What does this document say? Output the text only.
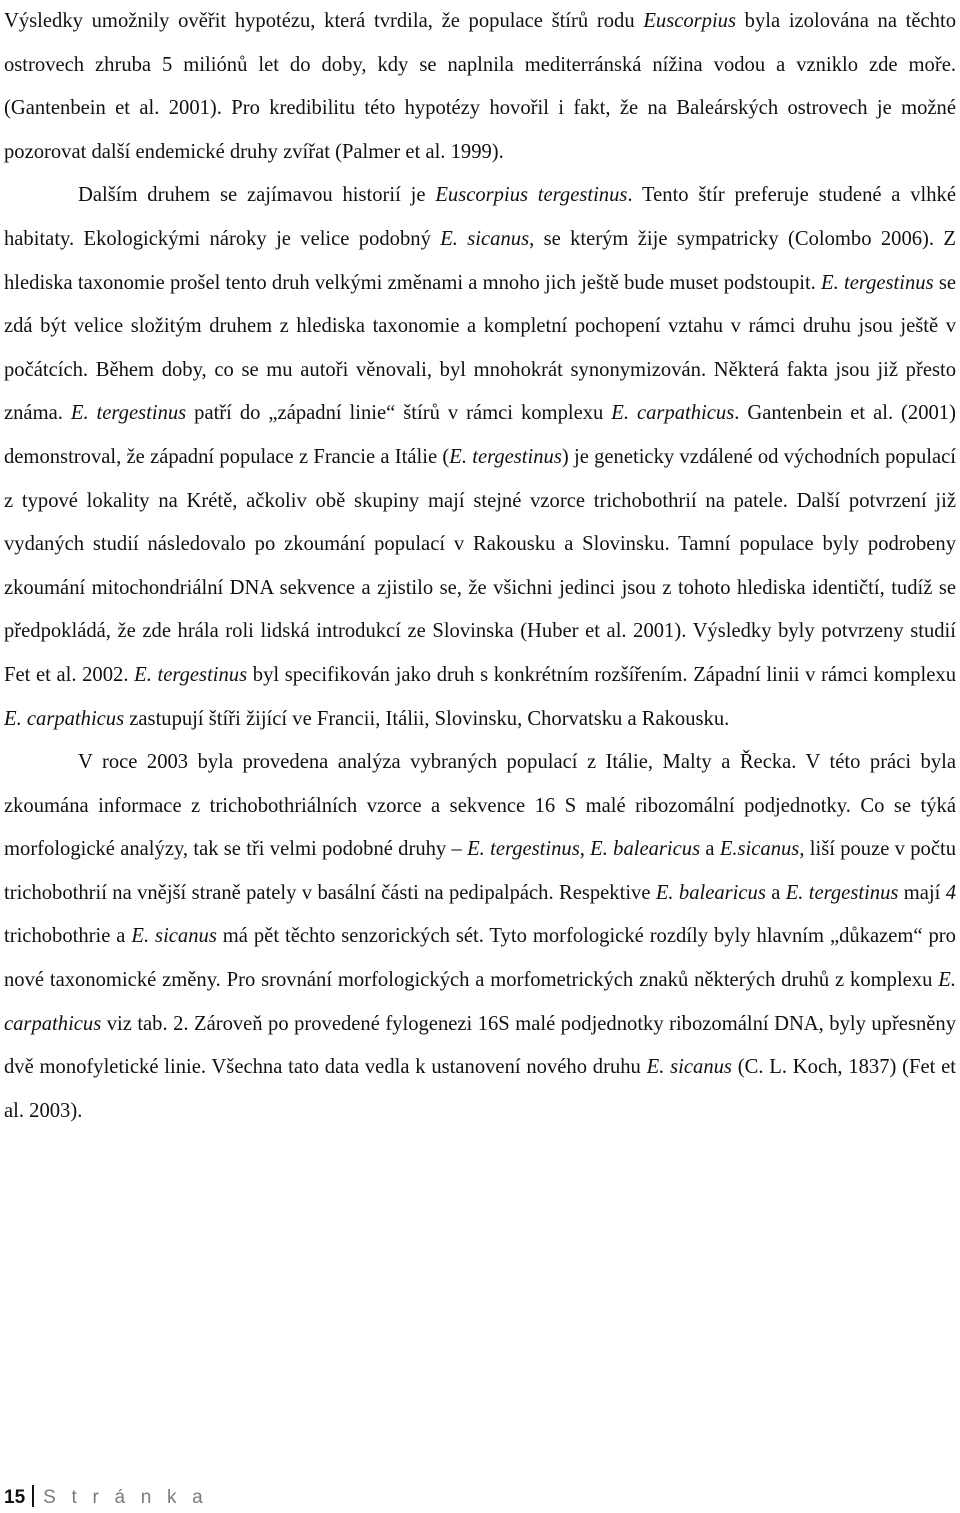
Výsledky umožnily ověřit hypotézu, která tvrdila, že populace štírů rodu Euscorpius byla izolována na těchto ostrovech zhruba 5 miliónů let do doby, kdy se naplnila mediterránská nížina vodou a vzniklo zde moře. (Gantenbein et al. 2001). Pro kredibilitu této hypotézy hovořil i fakt, že na Baleárských ostrovech je možné pozorovat další endemické druhy zvířat (Palmer et al. 1999).

Dalším druhem se zajímavou historií je Euscorpius tergestinus. Tento štír preferuje studené a vlhké habitaty. Ekologickými nároky je velice podobný E. sicanus, se kterým žije sympatricky (Colombo 2006). Z hlediska taxonomie prošel tento druh velkými změnami a mnoho jich ještě bude muset podstoupit. E. tergestinus se zdá být velice složitým druhem z hlediska taxonomie a kompletní pochopení vztahu v rámci druhu jsou ještě v počátcích. Během doby, co se mu autoři věnovali, byl mnohokrát synonymizován. Některá fakta jsou již přesto známa. E. tergestinus patří do „západní linie“ štírů v rámci komplexu E. carpathicus. Gantenbein et al. (2001) demonstroval, že západní populace z Francie a Itálie (E. tergestinus) je geneticky vzdálené od východních populací z typové lokality na Krétě, ačkoliv obě skupiny mají stejné vzorce trichobothrií na patele. Další potvrzení již vydaných studií následovalo po zkoumání populací v Rakousku a Slovinsku. Tamní populace byly podrobeny zkoumání mitochondriální DNA sekvence a zjistilo se, že všichni jedinci jsou z tohoto hlediska identičtí, tudíž se předpokládá, že zde hrála roli lidská introdukcí ze Slovinska (Huber et al. 2001). Výsledky byly potvrzeny studií Fet et al. 2002. E. tergestinus byl specifikován jako druh s konkrétním rozšířením. Západní linii v rámci komplexu E. carpathicus zastupují štíři žijící ve Francii, Itálii, Slovinsku, Chorvatsku a Rakousku.

V roce 2003 byla provedena analýza vybraných populací z Itálie, Malty a Řecka. V této práci byla zkoumána informace z trichobothriálních vzorce a sekvence 16 S malé ribozomální podjednotky. Co se týká morfologické analýzy, tak se tři velmi podobné druhy – E. tergestinus, E. balearicus a E.sicanus, liší pouze v počtu trichobothrií na vnější straně pately v basální části na pedipalpách. Respektive E. balearicus a E. tergestinus mají 4 trichobothrie a E. sicanus má pět těchto senzorických sét. Tyto morfologické rozdíly byly hlavním „důkazem“ pro nové taxonomické změny. Pro srovnání morfologických a morfometrických znaků některých druhů z komplexu E. carpathicus viz tab. 2. Zároveň po provedené fylogenezi 16S malé podjednotky ribozomální DNA, byly upřesněny dvě monofyletické linie. Všechna tato data vedla k ustanovení nového druhu E. sicanus (C. L. Koch, 1837) (Fet et al. 2003).

15 S t r á n k a
